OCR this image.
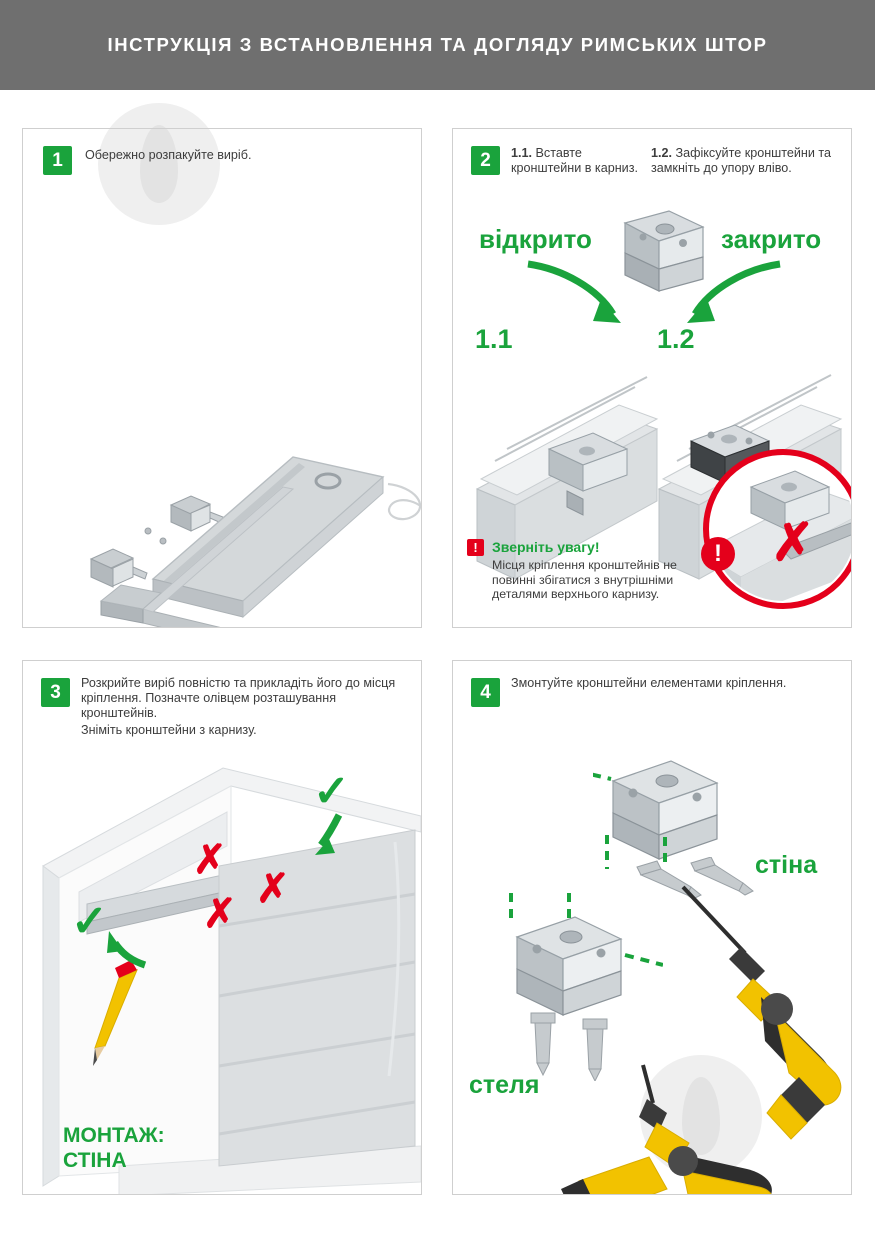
ІНСТРУКЦІЯ З ВСТАНОВЛЕННЯ ТА ДОГЛЯДУ РИМСЬКИХ ШТОР
1	Обережно розпакуйте виріб.	2	1.1. Вставте кронштейни в карниз.
1.2. Зафіксуйте кронштейни та замкніть до упору вліво.
відкрито	закрито
1.1	1.2
!	Зверніть увагу!
Місця кріплення кронштейнів не повинні збігатися з внутрішніми деталями верхнього карнизу.
! ✗
3	Розкрийте виріб повністю та прикладіть його до місця кріплення. Позначте олівцем розташування кронштейнів.
Зніміть кронштейни з карнизу.
✗
✗
✗
✓
✓
МОНТАЖ:
СТІНА
4	Змонтуйте кронштейни елементами кріплення.
стіна
стеля
